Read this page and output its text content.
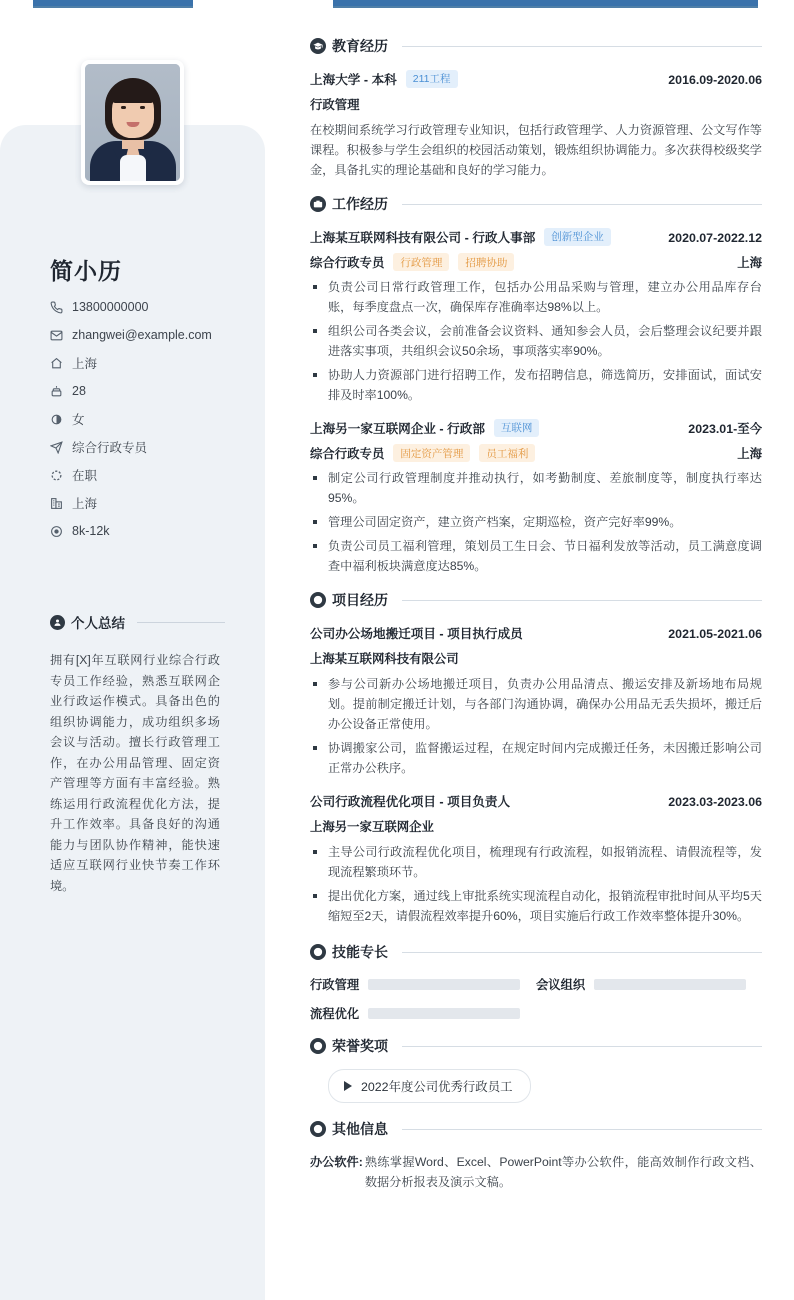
简小历
13800000000
zhangwei@example.com
上海
28
女
综合行政专员
在职
上海
8k-12k
个人总结
拥有[X]年互联网行业综合行政专员工作经验，熟悉互联网企业行政运作模式。具备出色的组织协调能力，成功组织多场会议与活动。擅长行政管理工作，在办公用品管理、固定资产管理等方面有丰富经验。熟练运用行政流程优化方法，提升工作效率。具备良好的沟通能力与团队协作精神，能快速适应互联网行业快节奏工作环境。
教育经历
上海大学 - 本科	211工程	2016.09-2020.06
行政管理
在校期间系统学习行政管理专业知识，包括行政管理学、人力资源管理、公文写作等课程。积极参与学生会组织的校园活动策划，锻炼组织协调能力。多次获得校级奖学金，具备扎实的理论基础和良好的学习能力。
工作经历
上海某互联网科技有限公司 - 行政人事部	创新型企业	2020.07-2022.12
综合行政专员	行政管理	招聘协助	上海
负责公司日常行政管理工作，包括办公用品采购与管理，建立办公用品库存台账，每季度盘点一次，确保库存准确率达98%以上。
组织公司各类会议，会前准备会议资料、通知参会人员，会后整理会议纪要并跟进落实事项，共组织会议50余场，事项落实率90%。
协助人力资源部门进行招聘工作，发布招聘信息，筛选简历，安排面试，面试安排及时率100%。
上海另一家互联网企业 - 行政部	互联网	2023.01-至今
综合行政专员	固定资产管理	员工福利	上海
制定公司行政管理制度并推动执行，如考勤制度、差旅制度等，制度执行率达95%。
管理公司固定资产，建立资产档案，定期巡检，资产完好率99%。
负责公司员工福利管理，策划员工生日会、节日福利发放等活动，员工满意度调查中福利板块满意度达85%。
项目经历
公司办公场地搬迁项目 - 项目执行成员	2021.05-2021.06
上海某互联网科技有限公司
参与公司新办公场地搬迁项目，负责办公用品清点、搬运安排及新场地布局规划。提前制定搬迁计划，与各部门沟通协调，确保办公用品无丢失损坏，搬迁后办公设备正常使用。
协调搬家公司，监督搬运过程，在规定时间内完成搬迁任务，未因搬迁影响公司正常办公秩序。
公司行政流程优化项目 - 项目负责人	2023.03-2023.06
上海另一家互联网企业
主导公司行政流程优化项目，梳理现有行政流程，如报销流程、请假流程等，发现流程繁琐环节。
提出优化方案，通过线上审批系统实现流程自动化，报销流程审批时间从平均5天缩短至2天，请假流程效率提升60%，项目实施后行政工作效率整体提升30%。
技能专长
行政管理	会议组织
流程优化
荣誉奖项
2022年度公司优秀行政员工
其他信息
办公软件: 熟练掌握Word、Excel、PowerPoint等办公软件，能高效制作行政文档、数据分析报表及演示文稿。
